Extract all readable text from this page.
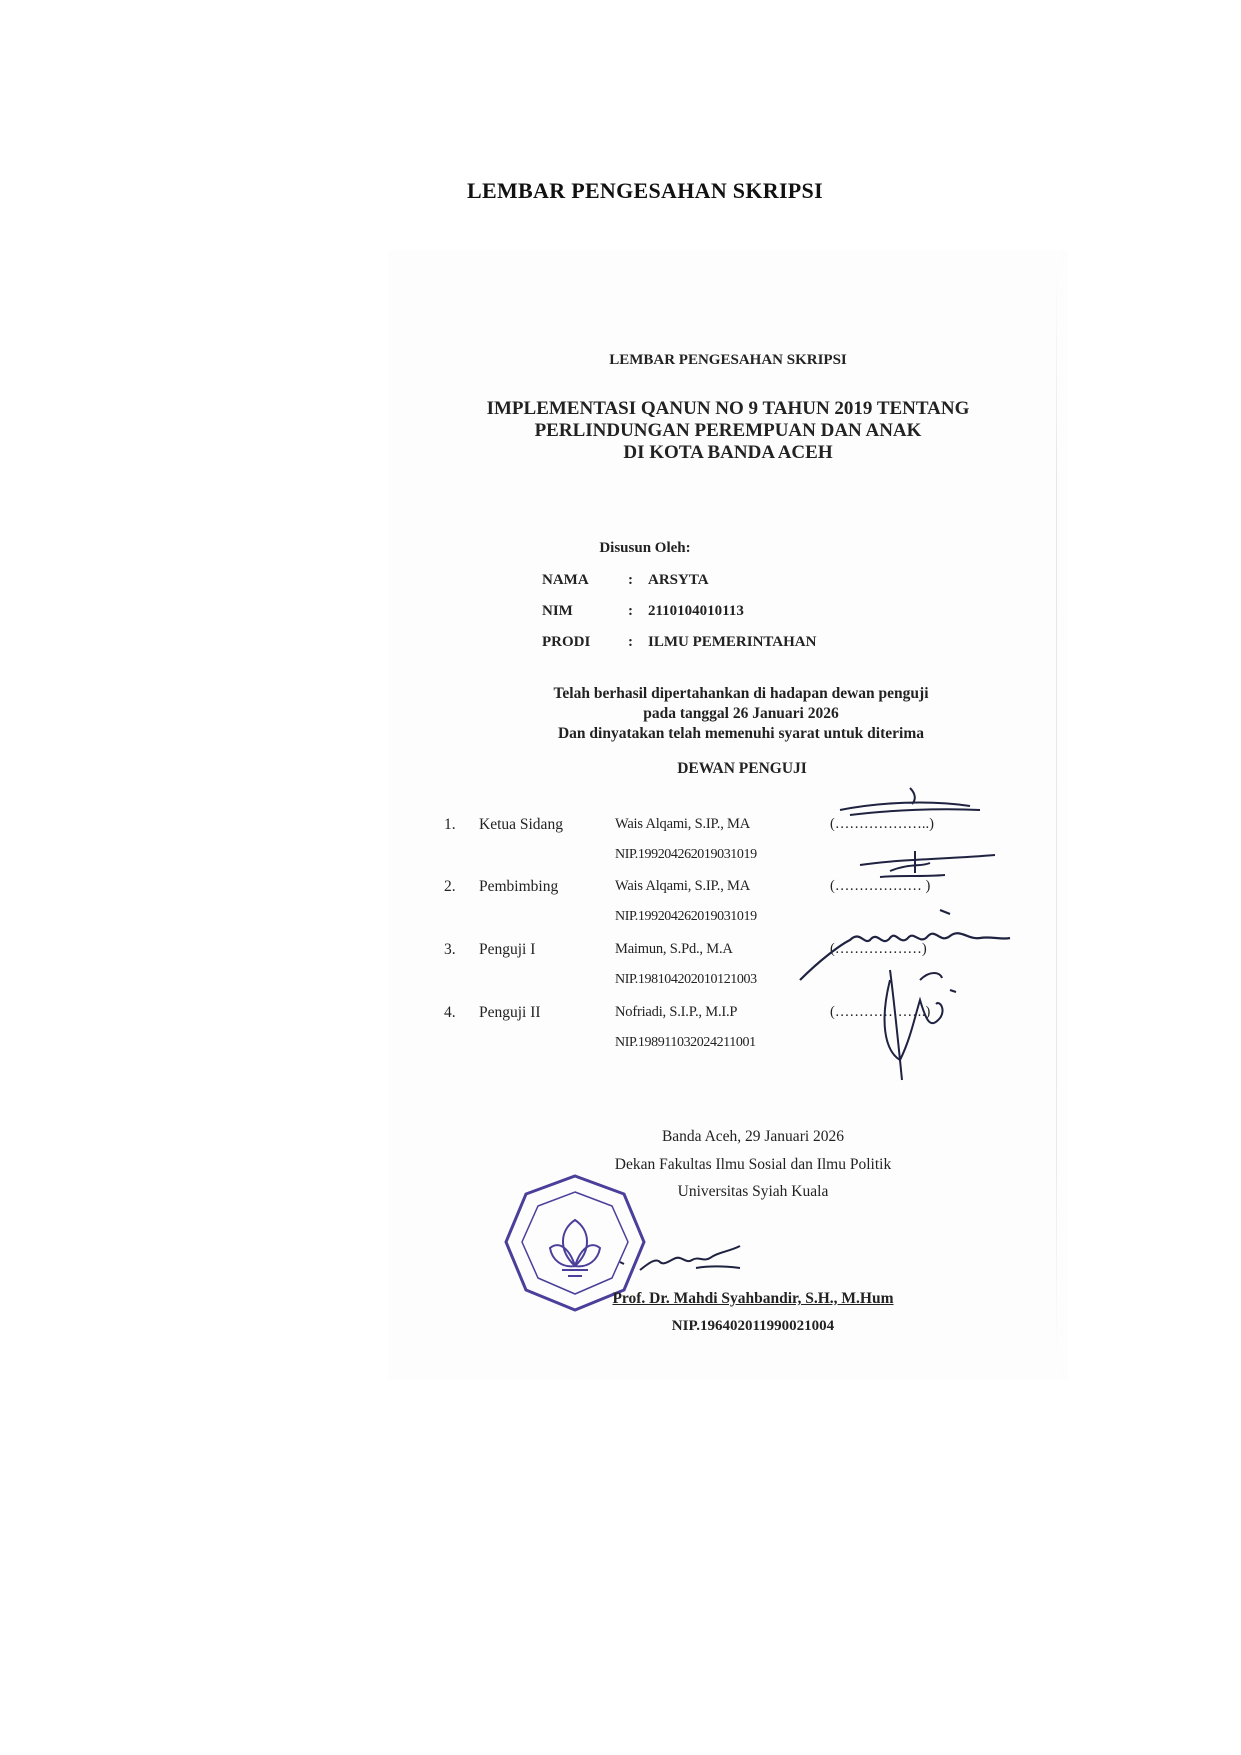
LEMBAR PENGESAHAN SKRIPSI
LEMBAR PENGESAHAN SKRIPSI
IMPLEMENTASI QANUN NO 9 TAHUN 2019 TENTANG
PERLINDUNGAN PEREMPUAN DAN ANAK
DI KOTA BANDA ACEH
Disusun Oleh:
NAMA	: ARSYTA
NIM	: 2110104010113
PRODI	: ILMU PEMERINTAHAN
Telah berhasil dipertahankan di hadapan dewan penguji
pada tanggal 26 Januari 2026
Dan dinyatakan telah memenuhi syarat untuk diterima
DEWAN PENGUJI
1. Ketua Sidang	Wais Alqami, S.IP., MA	(………………..)
NIP.199204262019031019
2. Pembimbing	Wais Alqami, S.IP., MA	(……………… )
NIP.199204262019031019
3. Penguji I	Maimun, S.Pd., M.A	(………………)
NIP.198104202010121003
4. Penguji II	Nofriadi, S.I.P., M.I.P	(……………….)
NIP.198911032024211001
Banda Aceh, 29 Januari 2026
Dekan Fakultas Ilmu Sosial dan Ilmu Politik
Universitas Syiah Kuala
Prof. Dr. Mahdi Syahbandir, S.H., M.Hum
NIP.196402011990021004
